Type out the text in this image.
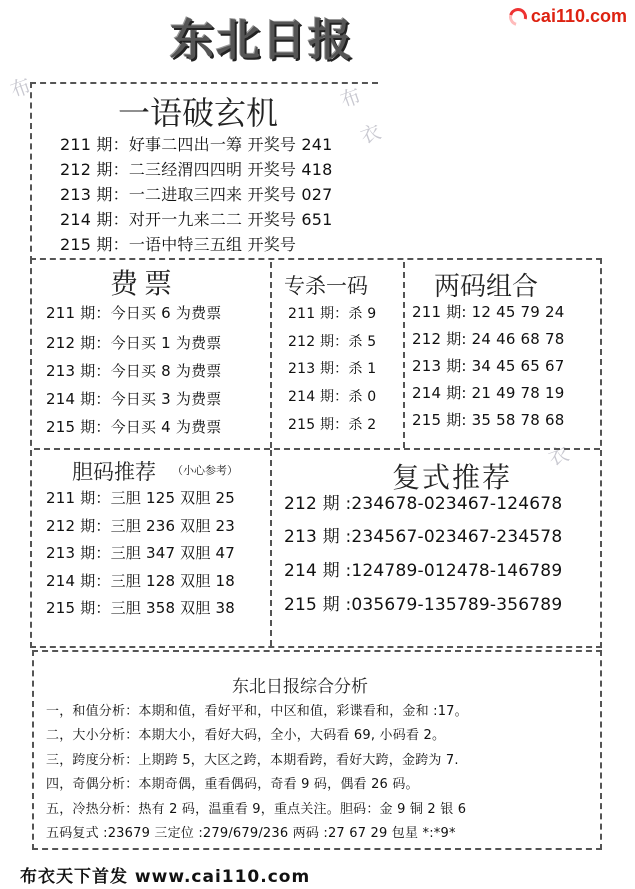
东北日报	cai110.com
布	布
衣
衣
一语破玄机
211 期：好事二四出一筹 开奖号 241
212 期：二三经渭四四明 开奖号 418
213 期：一二进取三四来 开奖号 027
214 期：对开一九来二二 开奖号 651
215 期：一语中特三五组 开奖号
费票
211 期：今日买 6 为费票
212 期：今日买 1 为费票
213 期：今日买 8 为费票
214 期：今日买 3 为费票
215 期：今日买 4 为费票
专杀一码
211 期：杀 9
212 期：杀 5
213 期：杀 1
214 期：杀 0
215 期：杀 2
两码组合
211 期: 12 45 79 24
212 期: 24 46 68 78
213 期: 34 45 65 67
214 期: 21 49 78 19
215 期: 35 58 78 68
胆码推荐 （小心参考）
211 期：三胆 125 双胆 25
212 期：三胆 236 双胆 23
213 期：三胆 347 双胆 47
214 期：三胆 128 双胆 18
215 期：三胆 358 双胆 38
复式推荐
212 期 :234678-023467-124678
213 期 :234567-023467-234578
214 期 :124789-012478-146789
215 期 :035679-135789-356789
东北日报综合分析
一，和值分析：本期和值，看好平和，中区和值，彩谍看和，金和 :17。
二，大小分析：本期大小，看好大码，全小，大码看 69, 小码看 2。
三，跨度分析：上期跨 5，大区之跨，本期看跨，看好大跨，金跨为 7.
四，奇偶分析：本期奇偶，重看偶码，奇看 9 码，偶看 26 码。
五，冷热分析：热有 2 码，温重看 9，重点关注。胆码：金 9 铜 2 银 6
五码复式 :23679 三定位 :279/679/236 两码 :27 67 29 包星 *:*9*
布衣天下首发 www.cai110.com
